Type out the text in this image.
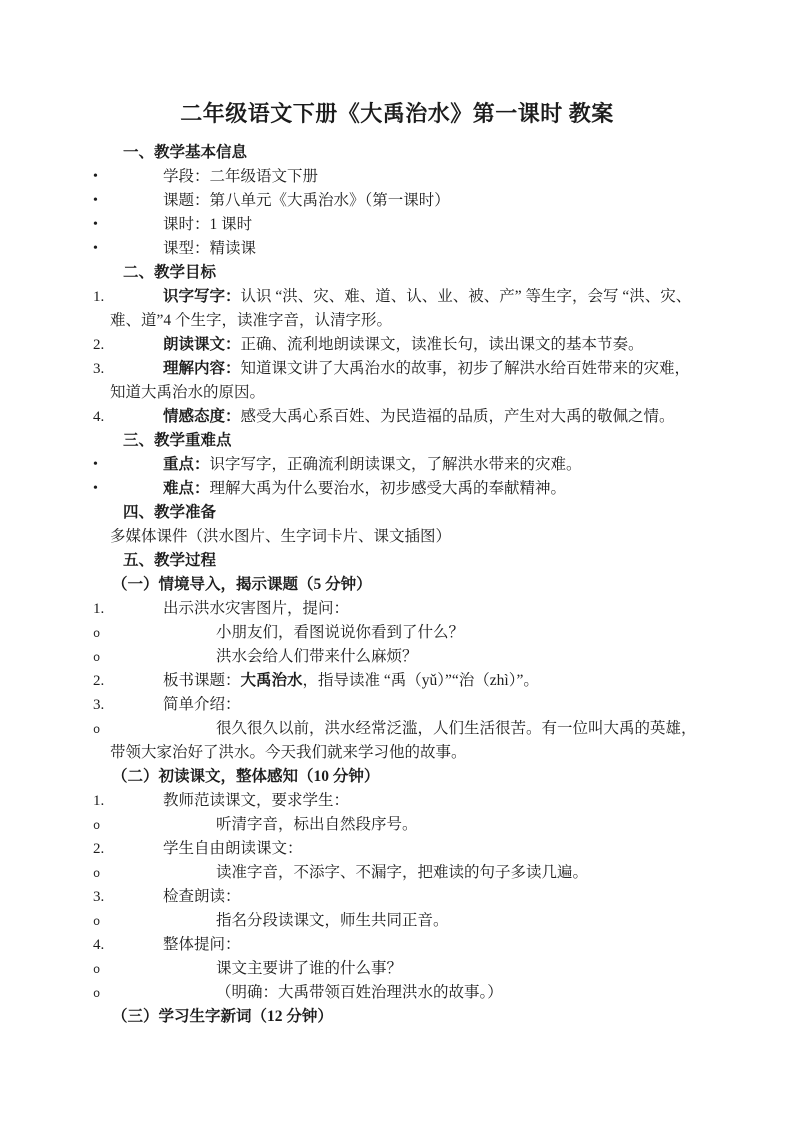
二年级语文下册《大禹治水》第一课时 教案
一、教学基本信息
•	学段：二年级语文下册
•	课题：第八单元《大禹治水》（第一课时）
•	课时：1 课时
•	课型：精读课
二、教学目标
1.	识字写字：认识 “洪、灾、难、道、认、业、被、产” 等生字，会写 “洪、灾、难、道”4 个生字，读准字音，认清字形。
2.	朗读课文：正确、流利地朗读课文，读准长句，读出课文的基本节奏。
3.	理解内容：知道课文讲了大禹治水的故事，初步了解洪水给百姓带来的灾难，知道大禹治水的原因。
4.	情感态度：感受大禹心系百姓、为民造福的品质，产生对大禹的敬佩之情。
三、教学重难点
•	重点：识字写字，正确流利朗读课文，了解洪水带来的灾难。
•	难点：理解大禹为什么要治水，初步感受大禹的奉献精神。
四、教学准备
多媒体课件（洪水图片、生字词卡片、课文插图）
五、教学过程
（一）情境导入，揭示课题（5 分钟）
1.	出示洪水灾害图片，提问：
o	小朋友们，看图说说你看到了什么？
o	洪水会给人们带来什么麻烦？
2.	板书课题：大禹治水，指导读准 “禹（yǔ）”“治（zhì）”。
3.	简单介绍：
o	很久很久以前，洪水经常泛滥，人们生活很苦。有一位叫大禹的英雄，带领大家治好了洪水。今天我们就来学习他的故事。
（二）初读课文，整体感知（10 分钟）
1.	教师范读课文，要求学生：
o	听清字音，标出自然段序号。
2.	学生自由朗读课文：
o	读准字音，不添字、不漏字，把难读的句子多读几遍。
3.	检查朗读：
o	指名分段读课文，师生共同正音。
4.	整体提问：
o	课文主要讲了谁的什么事？
o	（明确：大禹带领百姓治理洪水的故事。）
（三）学习生字新词（12 分钟）
